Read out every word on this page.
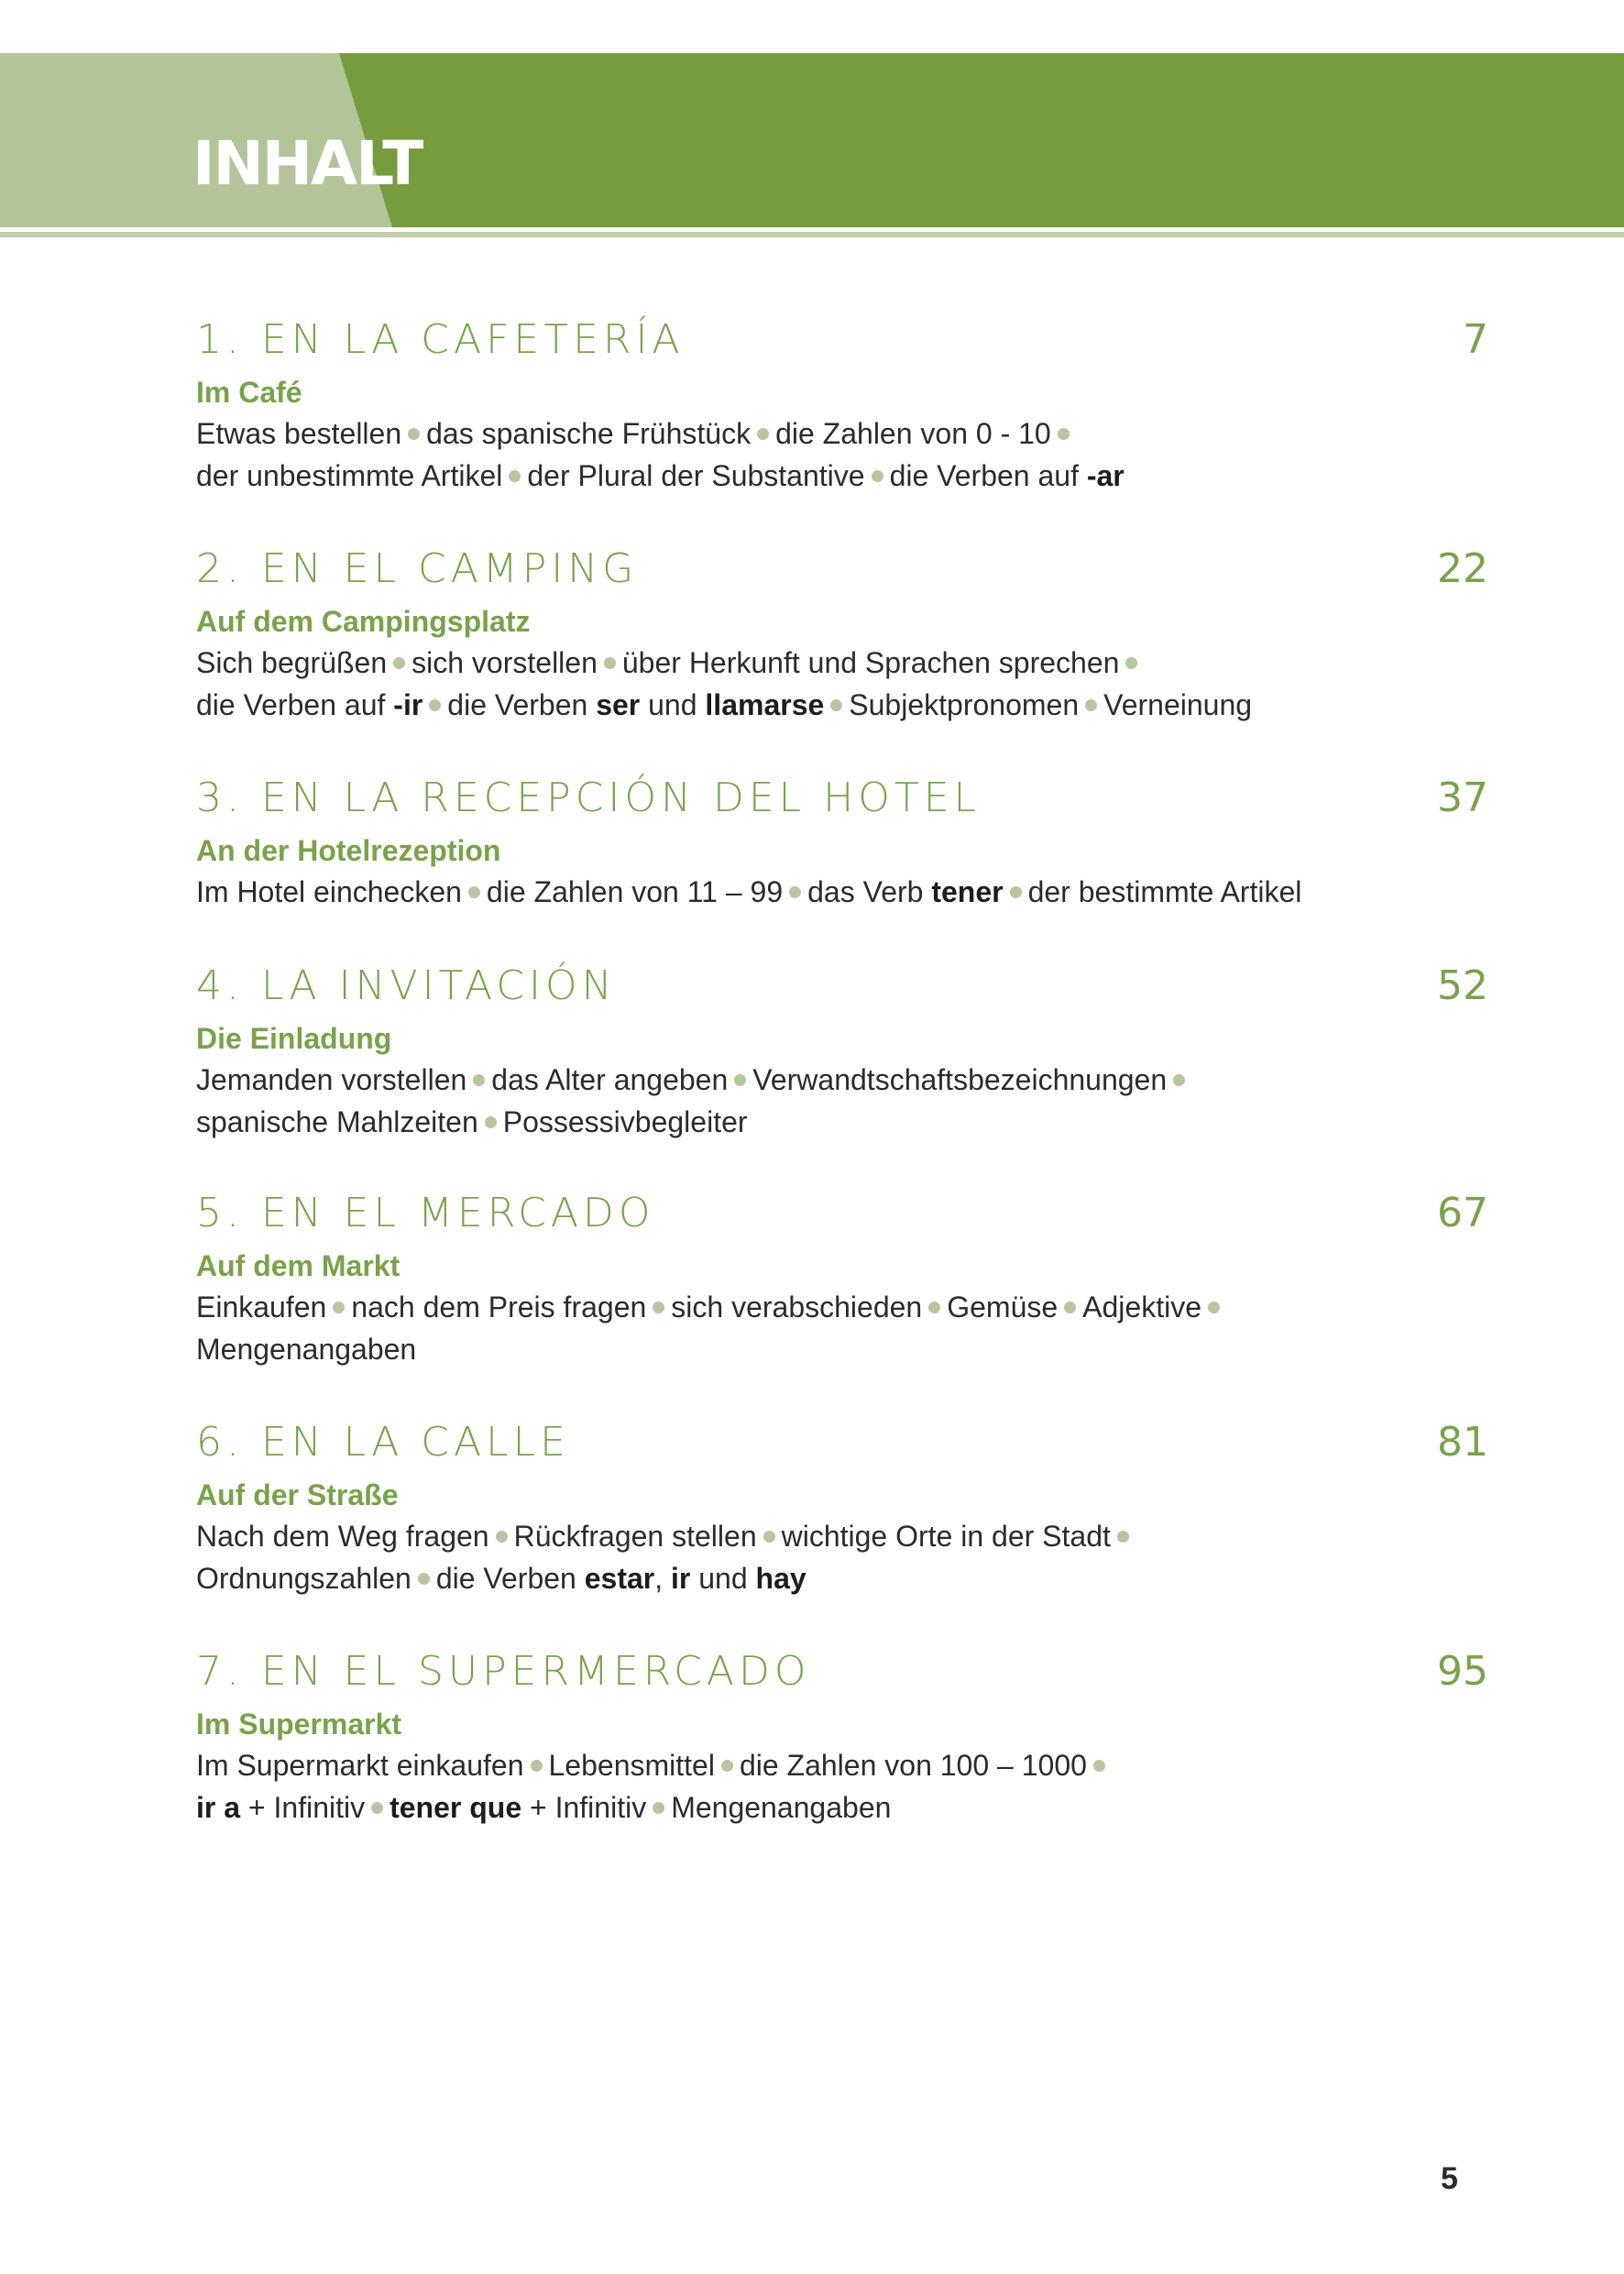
INHALT
1. EN LA CAFETERÍA	7
Im Café
Etwas bestellen das spanische Frühstück die Zahlen von 0 - 10
der unbestimmte Artikel der Plural der Substantive die Verben auf -ar
2. EN EL CAMPING	22
Auf dem Campingsplatz
Sich begrüßen sich vorstellen über Herkunft und Sprachen sprechen
die Verben auf -ir die Verben ser und llamarse Subjektpronomen Verneinung
3. EN LA RECEPCIÓN DEL HOTEL	37
An der Hotelrezeption
Im Hotel einchecken die Zahlen von 11 – 99 das Verb tener der bestimmte Artikel
4. LA INVITACIÓN	52
Die Einladung
Jemanden vorstellen das Alter angeben Verwandtschaftsbezeichnungen
spanische Mahlzeiten Possessivbegleiter
5. EN EL MERCADO	67
Auf dem Markt
Einkaufen nach dem Preis fragen sich verabschieden Gemüse Adjektive
Mengenangaben
6. EN LA CALLE	81
Auf der Straße
Nach dem Weg fragen Rückfragen stellen wichtige Orte in der Stadt
Ordnungszahlen die Verben estar, ir und hay
7. EN EL SUPERMERCADO	95
Im Supermarkt
Im Supermarkt einkaufen Lebensmittel die Zahlen von 100 – 1000
ir a + Infinitiv tener que + Infinitiv Mengenangaben
5
